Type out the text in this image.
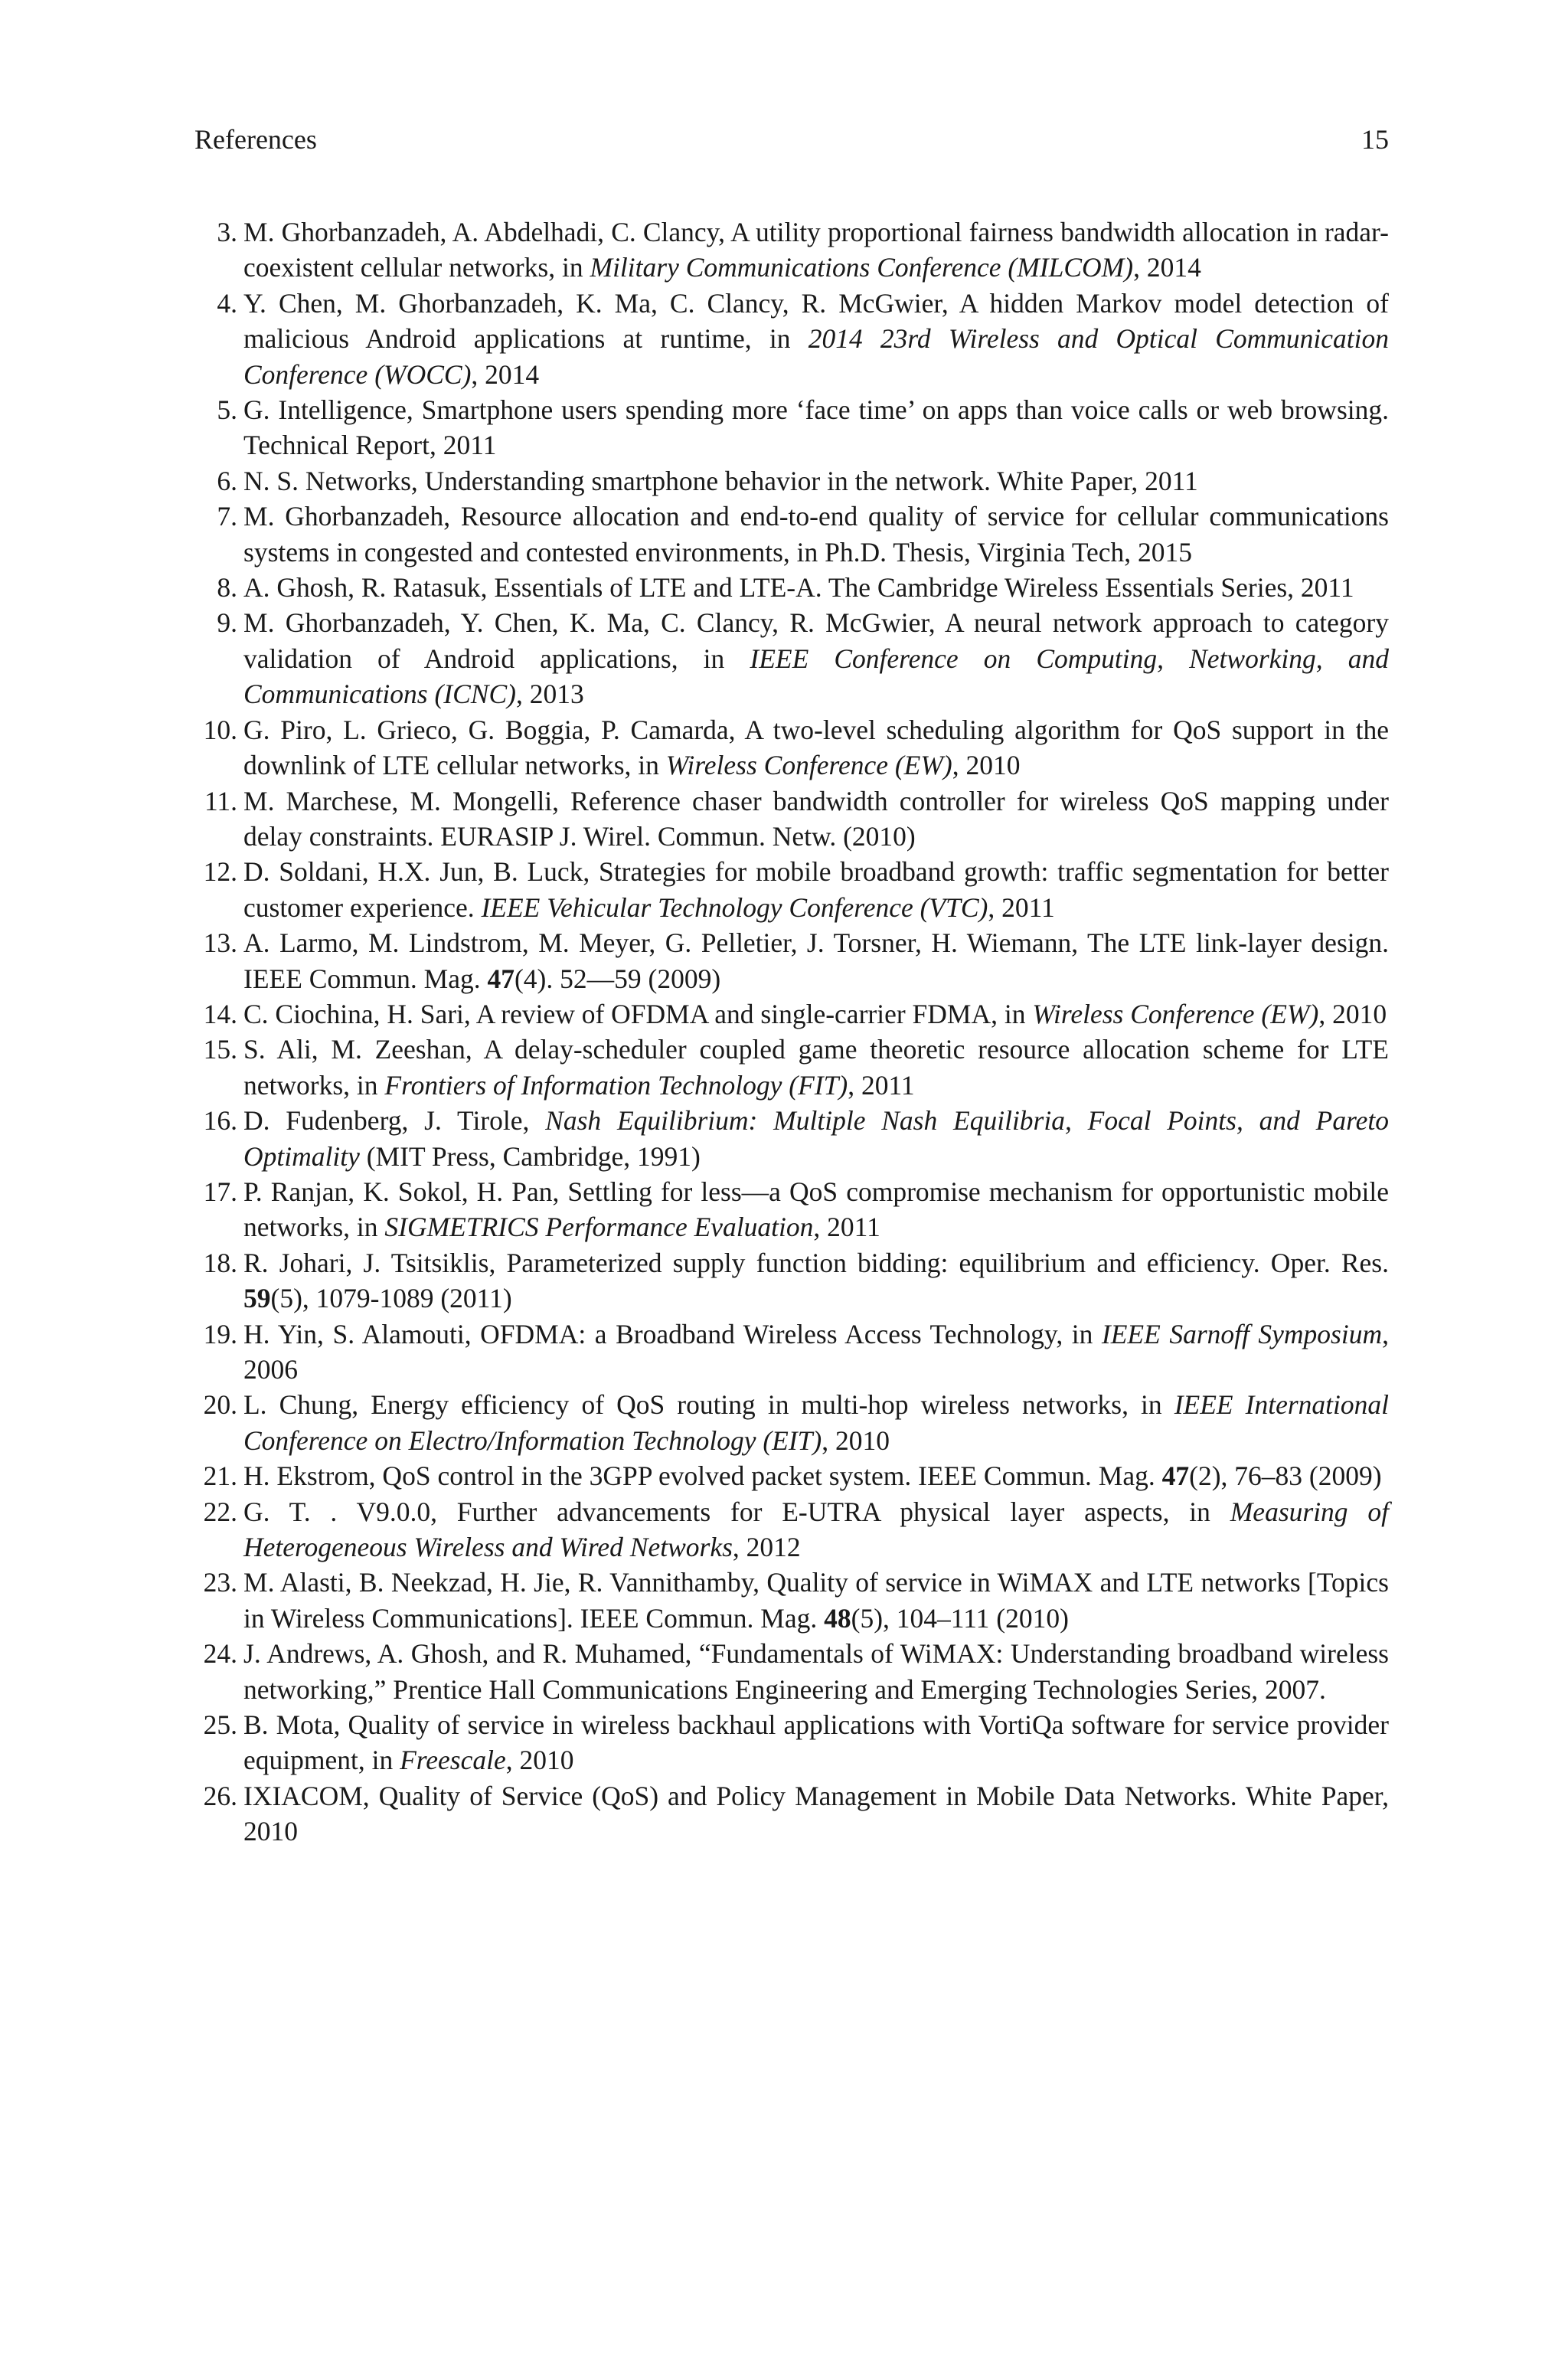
References	15
3. M. Ghorbanzadeh, A. Abdelhadi, C. Clancy, A utility proportional fairness bandwidth allocation in radar-coexistent cellular networks, in Military Communications Conference (MILCOM), 2014
4. Y. Chen, M. Ghorbanzadeh, K. Ma, C. Clancy, R. McGwier, A hidden Markov model detection of malicious Android applications at runtime, in 2014 23rd Wireless and Optical Communication Conference (WOCC), 2014
5. G. Intelligence, Smartphone users spending more ‘face time’ on apps than voice calls or web browsing. Technical Report, 2011
6. N. S. Networks, Understanding smartphone behavior in the network. White Paper, 2011
7. M. Ghorbanzadeh, Resource allocation and end-to-end quality of service for cellular communications systems in congested and contested environments, in Ph.D. Thesis, Virginia Tech, 2015
8. A. Ghosh, R. Ratasuk, Essentials of LTE and LTE-A. The Cambridge Wireless Essentials Series, 2011
9. M. Ghorbanzadeh, Y. Chen, K. Ma, C. Clancy, R. McGwier, A neural network approach to category validation of Android applications, in IEEE Conference on Computing, Networking, and Communications (ICNC), 2013
10. G. Piro, L. Grieco, G. Boggia, P. Camarda, A two-level scheduling algorithm for QoS support in the downlink of LTE cellular networks, in Wireless Conference (EW), 2010
11. M. Marchese, M. Mongelli, Reference chaser bandwidth controller for wireless QoS mapping under delay constraints. EURASIP J. Wirel. Commun. Netw. (2010)
12. D. Soldani, H.X. Jun, B. Luck, Strategies for mobile broadband growth: traffic segmentation for better customer experience. IEEE Vehicular Technology Conference (VTC), 2011
13. A. Larmo, M. Lindstrom, M. Meyer, G. Pelletier, J. Torsner, H. Wiemann, The LTE link-layer design. IEEE Commun. Mag. 47(4). 52—59 (2009)
14. C. Ciochina, H. Sari, A review of OFDMA and single-carrier FDMA, in Wireless Conference (EW), 2010
15. S. Ali, M. Zeeshan, A delay-scheduler coupled game theoretic resource allocation scheme for LTE networks, in Frontiers of Information Technology (FIT), 2011
16. D. Fudenberg, J. Tirole, Nash Equilibrium: Multiple Nash Equilibria, Focal Points, and Pareto Optimality (MIT Press, Cambridge, 1991)
17. P. Ranjan, K. Sokol, H. Pan, Settling for less—a QoS compromise mechanism for opportunistic mobile networks, in SIGMETRICS Performance Evaluation, 2011
18. R. Johari, J. Tsitsiklis, Parameterized supply function bidding: equilibrium and efficiency. Oper. Res. 59(5), 1079-1089 (2011)
19. H. Yin, S. Alamouti, OFDMA: a Broadband Wireless Access Technology, in IEEE Sarnoff Symposium, 2006
20. L. Chung, Energy efficiency of QoS routing in multi-hop wireless networks, in IEEE International Conference on Electro/Information Technology (EIT), 2010
21. H. Ekstrom, QoS control in the 3GPP evolved packet system. IEEE Commun. Mag. 47(2), 76–83 (2009)
22. G. T. . V9.0.0, Further advancements for E-UTRA physical layer aspects, in Measuring of Heterogeneous Wireless and Wired Networks, 2012
23. M. Alasti, B. Neekzad, H. Jie, R. Vannithamby, Quality of service in WiMAX and LTE networks [Topics in Wireless Communications]. IEEE Commun. Mag. 48(5), 104–111 (2010)
24. J. Andrews, A. Ghosh, and R. Muhamed, “Fundamentals of WiMAX: Understanding broadband wireless networking,” Prentice Hall Communications Engineering and Emerging Technologies Series, 2007.
25. B. Mota, Quality of service in wireless backhaul applications with VortiQa software for service provider equipment, in Freescale, 2010
26. IXIACOM, Quality of Service (QoS) and Policy Management in Mobile Data Networks. White Paper, 2010
